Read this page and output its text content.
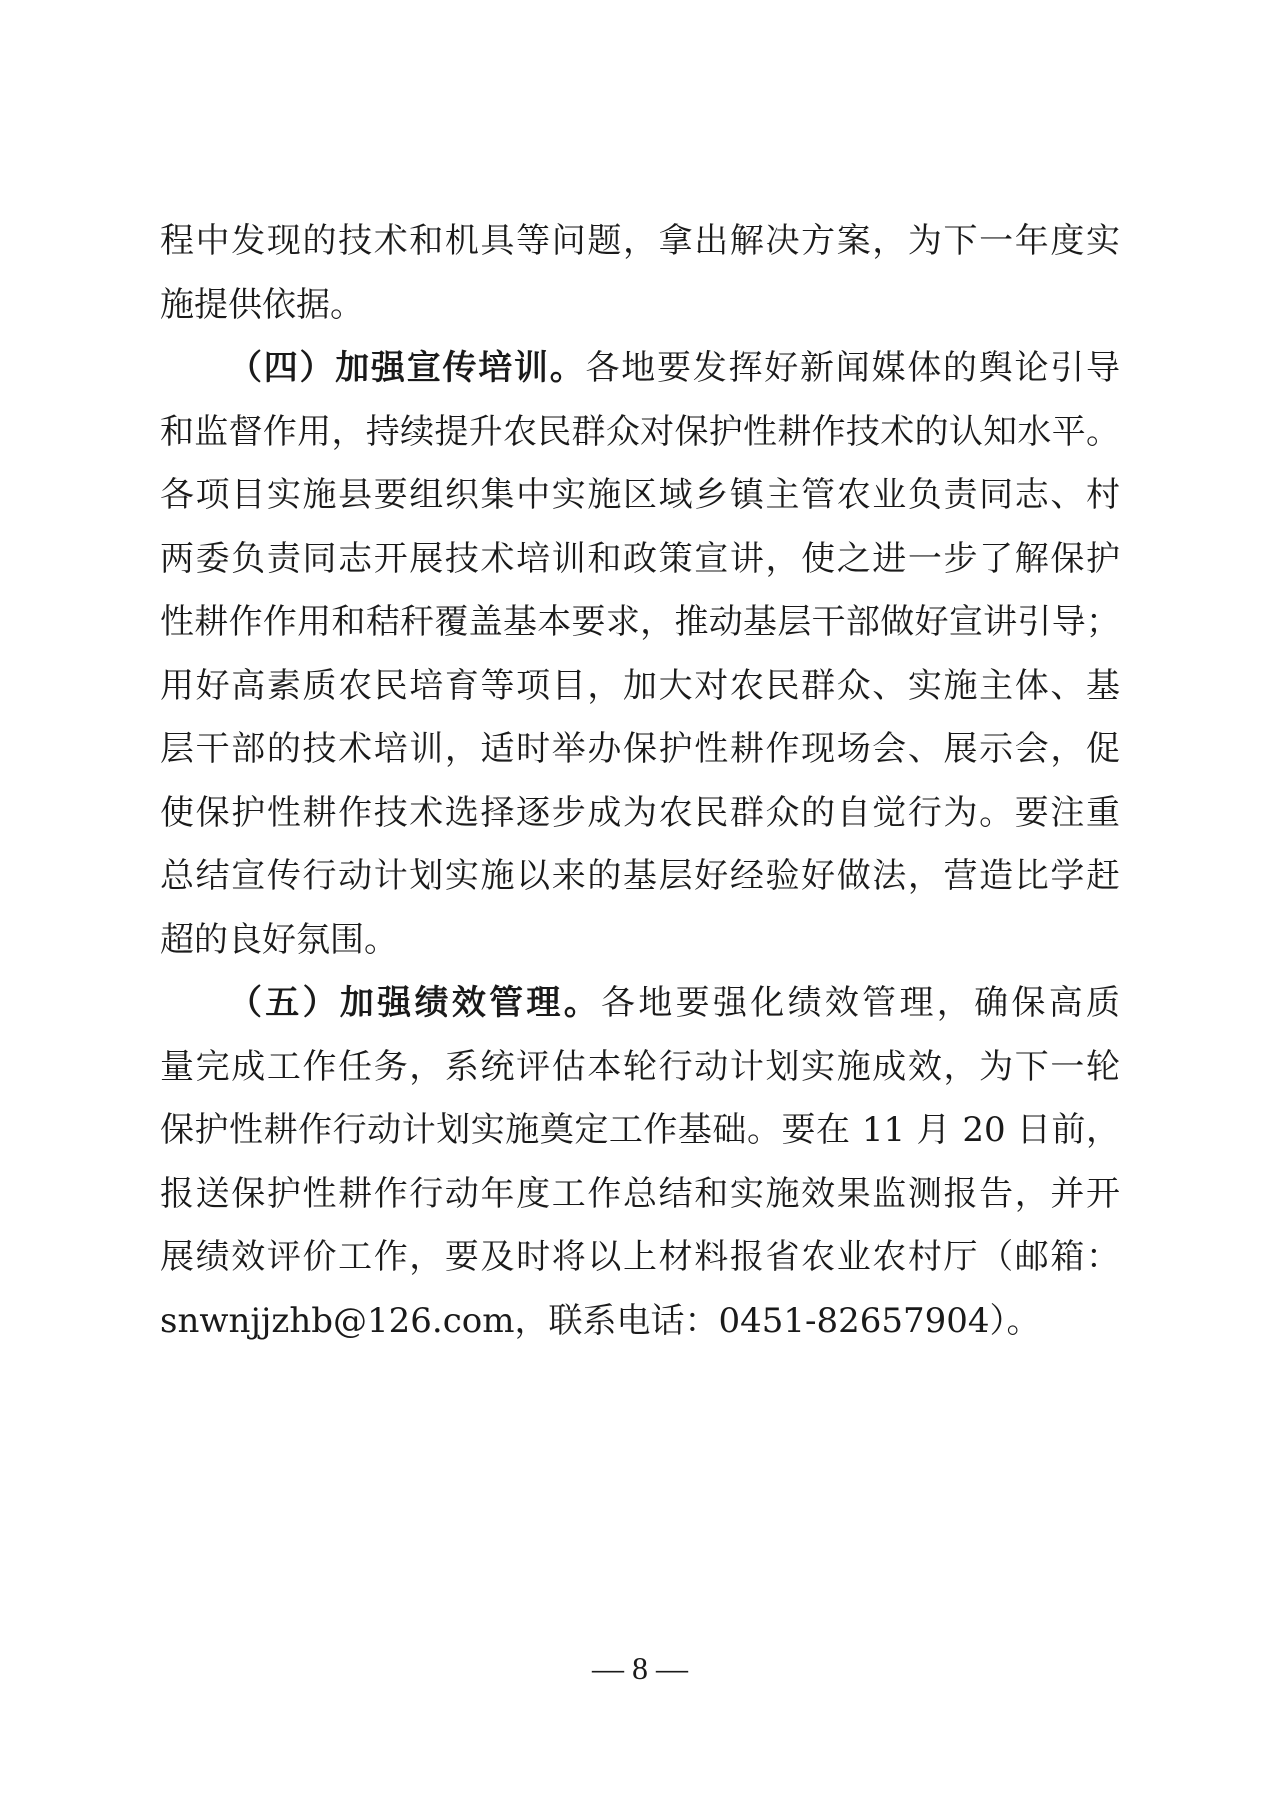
程中发现的技术和机具等问题，拿出解决方案，为下一年度实
施提供依据。
（四）加强宣传培训。各地要发挥好新闻媒体的舆论引导
和监督作用，持续提升农民群众对保护性耕作技术的认知水平。
各项目实施县要组织集中实施区域乡镇主管农业负责同志、村
两委负责同志开展技术培训和政策宣讲，使之进一步了解保护
性耕作作用和秸秆覆盖基本要求，推动基层干部做好宣讲引导；
用好高素质农民培育等项目，加大对农民群众、实施主体、基
层干部的技术培训，适时举办保护性耕作现场会、展示会，促
使保护性耕作技术选择逐步成为农民群众的自觉行为。要注重
总结宣传行动计划实施以来的基层好经验好做法，营造比学赶
超的良好氛围。
（五）加强绩效管理。各地要强化绩效管理，确保高质
量完成工作任务，系统评估本轮行动计划实施成效，为下一轮
保护性耕作行动计划实施奠定工作基础。要在 11 月 20 日前，
报送保护性耕作行动年度工作总结和实施效果监测报告，并开
展绩效评价工作，要及时将以上材料报省农业农村厅（邮箱：
snwnjjzhb@126.com，联系电话：0451-82657904）。
— 8 —
